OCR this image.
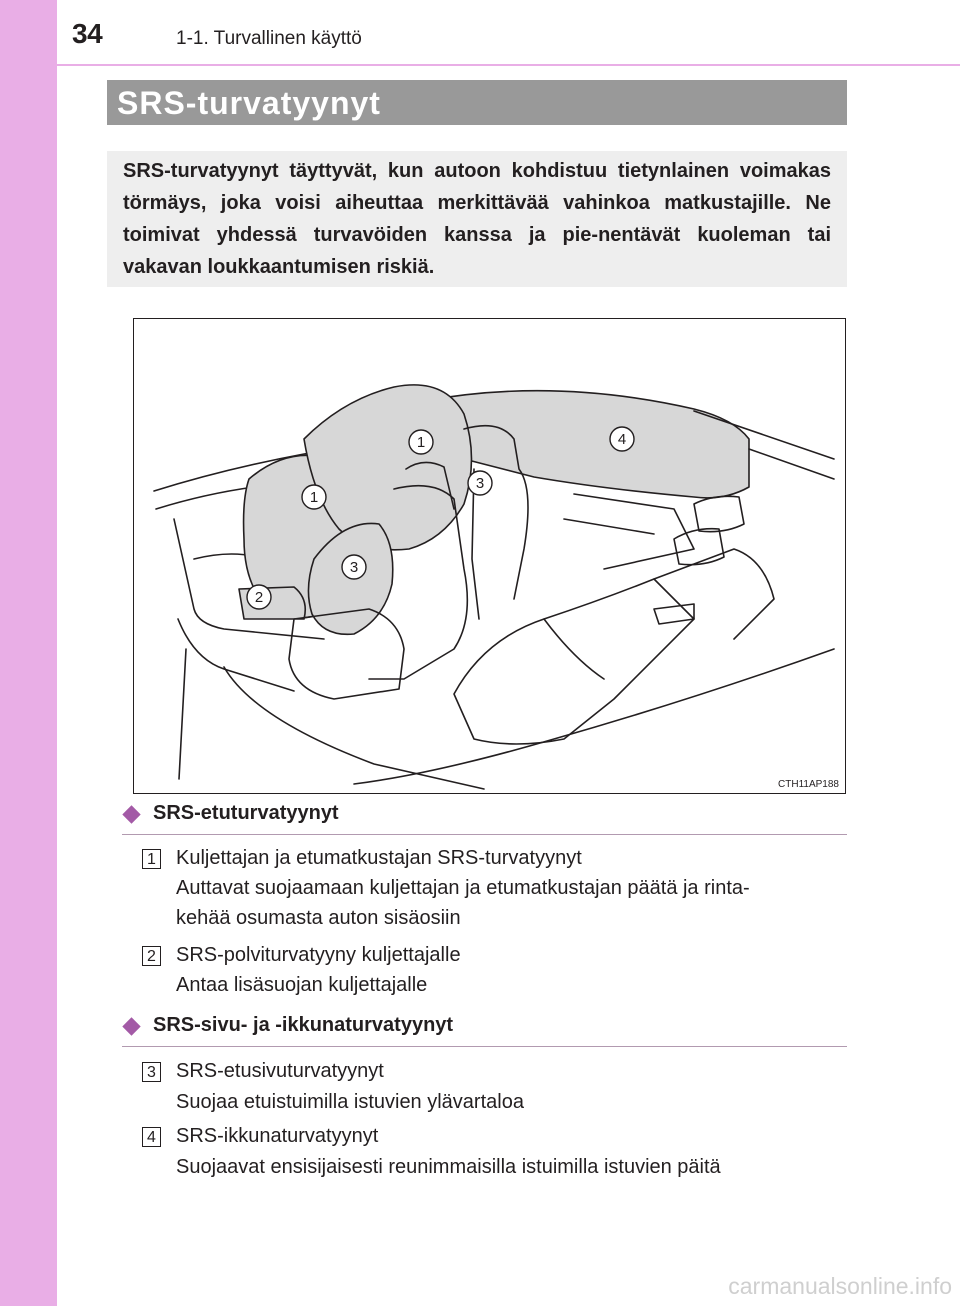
34	1-1. Turvallinen käyttö
SRS-turvatyynyt

SRS-turvatyynyt täyttyvät, kun autoon kohdistuu tietynlainen voimakas törmäys, joka voisi aiheuttaa merkittävää vahinkoa matkustajille. Ne toimivat yhdessä turvavöiden kanssa ja pie-nentävät kuoleman tai vakavan loukkaantumisen riskiä.

1
1
2
3
3
4
CTH11AP188
SRS-etuturvatyynyt
1 Kuljettajan ja etumatkustajan SRS-turvatyynyt
Auttavat suojaamaan kuljettajan ja etumatkustajan päätä ja rinta-
kehää osumasta auton sisäosiin
2 SRS-polviturvatyyny kuljettajalle
Antaa lisäsuojan kuljettajalle
SRS-sivu- ja -ikkunaturvatyynyt
3 SRS-etusivuturvatyynyt
Suojaa etuistuimilla istuvien ylävartaloa
4 SRS-ikkunaturvatyynyt
Suojaavat ensisijaisesti reunimmaisilla istuimilla istuvien päitä
carmanualsonline.info
